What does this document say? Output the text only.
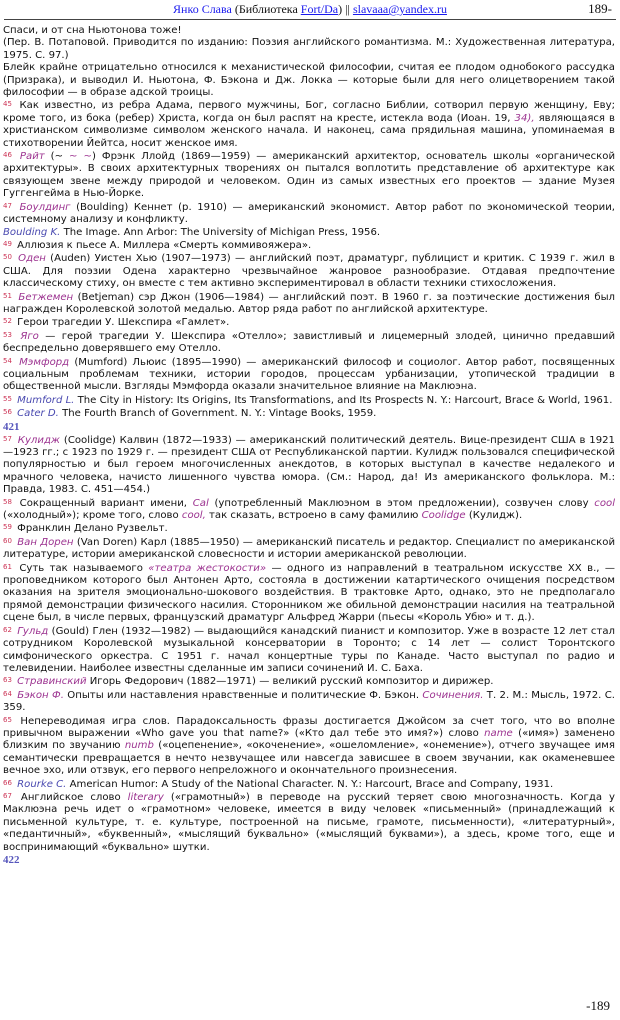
Янко Слава (Библиотека Fort/Da) || slavaaa@yandex.ru	189-

Спаси, и от сна Ньютонова тоже!

(Пер. В. Потаповой. Приводится по изданию: Поэзия английского романтизма. М.: Художественная литература, 1975. С. 97.)

Блейк крайне отрицательно относился к механистической философии, считая ее плодом однобокого рассудка (Призрака), и выводил И. Ньютона, Ф. Бэкона и Дж. Локка — которые были для него олицетворением такой философии — в образе адской троицы.

$^{45}$ Как известно, из ребра Адама, первого мужчины, Бог, согласно Библии, сотворил первую женщину, Еву; кроме того, из бока (ребер) Христа, когда он был распят на кресте, истекла вода (Иоан. 19, 34), являющаяся в христианском символизме символом женского начала. И наконец, сама прядильная машина, упоминаемая в стихотворении Йейтса, носит женское имя.

$^{46}$ Райт (~ ~ ~) Фрэнк Ллойд (1869—1959) — американский архитектор, основатель школы «органической архитектуры». В своих архитектурных творениях он пытался воплотить представление об архитектуре как связующем звене между природой и человеком. Один из самых известных его проектов — здание Музея Гуггенгейма в Нью-Йорке.

$^{47}$ Боулдинг (Boulding) Кеннет (р. 1910) — американский экономист. Автор работ по экономической теории, системному анализу и конфликту.

Boulding K. The Image. Ann Arbor: The University of Michigan Press, 1956.

$^{49}$ Аллюзия к пьесе А. Миллера «Смерть коммивояжера».

$^{50}$ Оден (Auden) Уистен Хью (1907—1973) — английский поэт, драматург, публицист и критик. С 1939 г. жил в США. Для поэзии Одена характерно чрезвычайное жанровое разнообразие. Отдавая предпочтение классическому стиху, он вместе с тем активно экспериментировал в области техники стихосложения.

$^{51}$ Бетжемен (Betjeman) сэр Джон (1906—1984) — английский поэт. В 1960 г. за поэтические достижения был награжден Королевской золотой медалью. Автор ряда работ по английской архитектуре.

$^{52}$ Герои трагедии У. Шекспира «Гамлет».

$^{53}$ Яго — герой трагедии У. Шекспира «Отелло»; завистливый и лицемерный злодей, цинично предавший беспредельно доверявшего ему Отелло.

$^{54}$ Мэмфорд (Mumford) Льюис (1895—1990) — американский философ и социолог. Автор работ, посвященных социальным проблемам техники, истории городов, процессам урбанизации, утопической традиции в общественной мысли. Взгляды Мэмфорда оказали значительное влияние на Маклюэна.

$^{55}$ Mumford L. The City in History: Its Origins, Its Transformations, and Its Prospects N. Y.: Harcourt, Brace & World, 1961.

$^{56}$ Cater D. The Fourth Branch of Government. N. Y.: Vintage Books, 1959.

421

$^{57}$ Кулидж (Coolidge) Калвин (1872—1933) — американский политический деятель. Вице-президент США в 1921 —1923 гг.; с 1923 по 1929 г. — президент США от Республиканской партии. Кулидж пользовался специфической популярностью и был героем многочисленных анекдотов, в которых выступал в качестве недалекого и мрачного человека, начисто лишенного чувства юмора. (См.: Народ, да! Из американского фольклора. М.: Правда, 1983. С. 451—454.)

$^{58}$ Сокращенный вариант имени, Cal (употребленный Маклюэном в этом предложении), созвучен слову cool («холодный»); кроме того, слово cool, так сказать, встроено в саму фамилию Coolidge (Кулидж).

$^{59}$ Франклин Делано Рузвельт.

$^{60}$ Ван Дорен (Van Doren) Карл (1885—1950) — американский писатель и редактор. Специалист по американской литературе, истории американской словесности и истории американской революции.

$^{61}$ Суть так называемого «театра жестокости» — одного из направлений в театральном искусстве XX в., — проповедником которого был Антонен Арто, состояла в достижении катартического очищения посредством оказания на зрителя эмоционально-шокового воздействия. В трактовке Арто, однако, это не предполагало прямой демонстрации физического насилия. Сторонником же обильной демонстрации насилия на театральной сцене был, в числе первых, французский драматург Альфред Жарри (пьесы «Король Убю» и т. д.).

$^{62}$ Гульд (Gould) Глен (1932—1982) — выдающийся канадский пианист и композитор. Уже в возрасте 12 лет стал сотрудником Королевской музыкальной консерватории в Торонто; с 14 лет — солист Торонтского симфонического оркестра. С 1951 г. начал концертные туры по Канаде. Часто выступал по радио и телевидении. Наиболее известны сделанные им записи сочинений И. С. Баха.

$^{63}$ Стравинский Игорь Федорович (1882—1971) — великий русский композитор и дирижер.

$^{64}$ Бэкон Ф. Опыты или наставления нравственные и политические Ф. Бэкон. Сочинения. Т. 2. М.: Мысль, 1972. С. 359.

$^{65}$ Непереводимая игра слов. Парадоксальность фразы достигается Джойсом за счет того, что во вполне привычном выражении «Who gave you that name?» («Кто дал тебе это имя?») слово name («имя») заменено близким по звучанию numb («оцепенение», «окоченение», «ошеломление», «онемение»), отчего звучащее имя семантически превращается в нечто незвучащее или навсегда зависшее в своем звучании, как окаменевшее вечное эхо, или отзвук, его первого непреложного и окончательного произнесения.

$^{66}$ Rourke C. American Humor: A Study of the National Character. N. Y.: Harcourt, Brace and Company, 1931.

$^{67}$ Английское слово literary («грамотный») в переводе на русский теряет свою многозначность. Когда у Маклюэна речь идет о «грамотном» человеке, имеется в виду человек «письменный» (принадлежащий к письменной культуре, т. е. культуре, построенной на письме, грамоте, письменности), «литературный», «педантичный», «буквенный», «мыслящий буквально» («мыслящий буквами»), а здесь, кроме того, еще и воспринимающий «буквально» шутки.

422

-189
